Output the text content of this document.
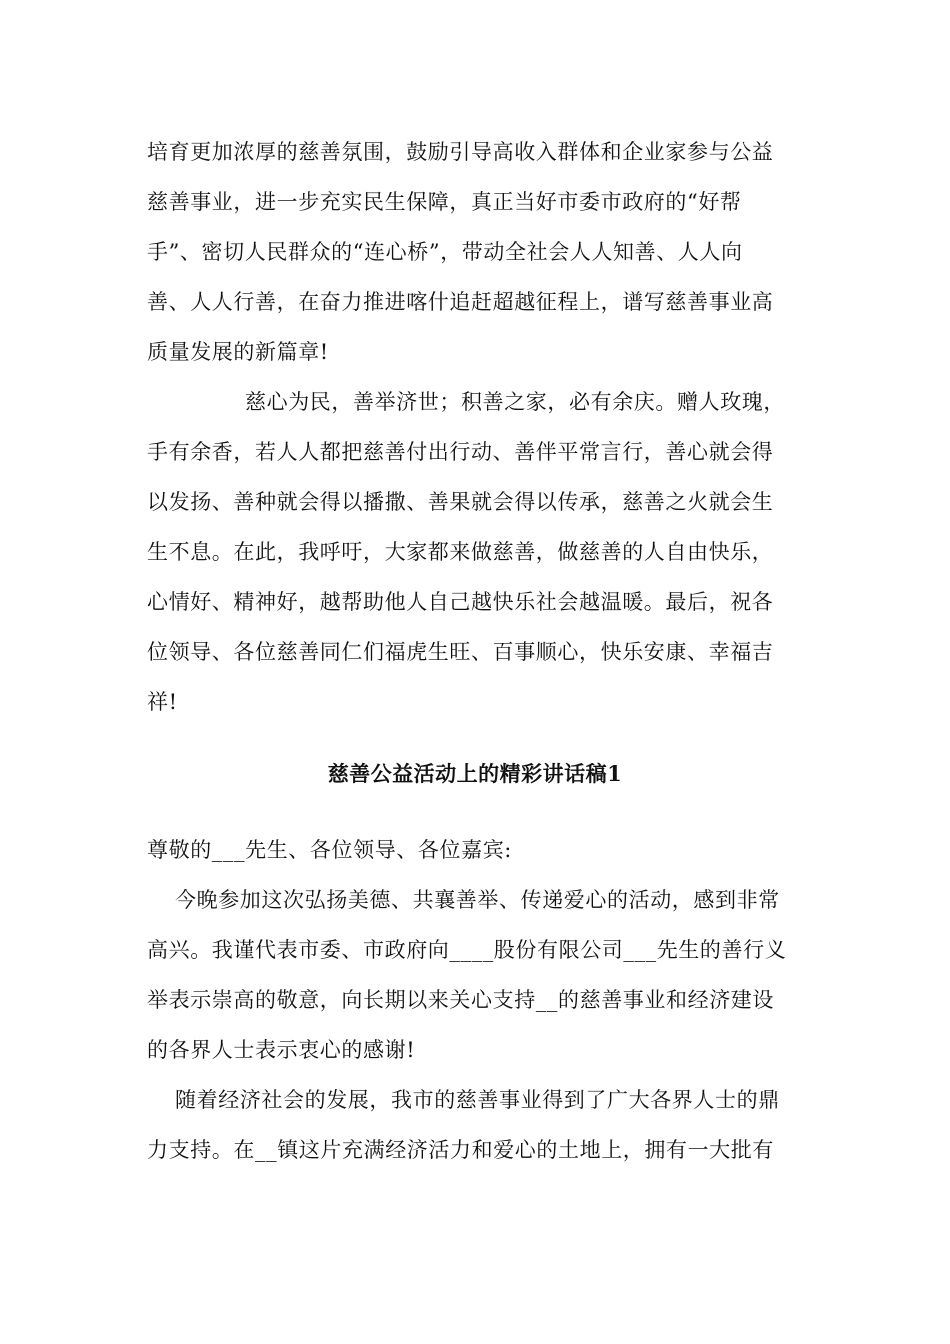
培育更加浓厚的慈善氛围，鼓励引导高收入群体和企业家参与公益
慈善事业，进一步充实民生保障，真正当好市委市政府的“好帮
手”、密切人民群众的“连心桥”，带动全社会人人知善、人人向
善、人人行善，在奋力推进喀什追赶超越征程上，谱写慈善事业高
质量发展的新篇章!
慈心为民，善举济世；积善之家，必有余庆。赠人玫瑰，
手有余香，若人人都把慈善付出行动、善伴平常言行，善心就会得
以发扬、善种就会得以播撒、善果就会得以传承，慈善之火就会生
生不息。在此，我呼吁，大家都来做慈善，做慈善的人自由快乐，
心情好、精神好，越帮助他人自己越快乐社会越温暖。最后，祝各
位领导、各位慈善同仁们福虎生旺、百事顺心，快乐安康、幸福吉
祥!
慈善公益活动上的精彩讲话稿1
尊敬的___先生、各位领导、各位嘉宾:
今晚参加这次弘扬美德、共襄善举、传递爱心的活动，感到非常
高兴。我谨代表市委、市政府向____股份有限公司___先生的善行义
举表示崇高的敬意，向长期以来关心支持__的慈善事业和经济建设
的各界人士表示衷心的感谢!
随着经济社会的发展，我市的慈善事业得到了广大各界人士的鼎
力支持。在__镇这片充满经济活力和爱心的土地上，拥有一大批有
